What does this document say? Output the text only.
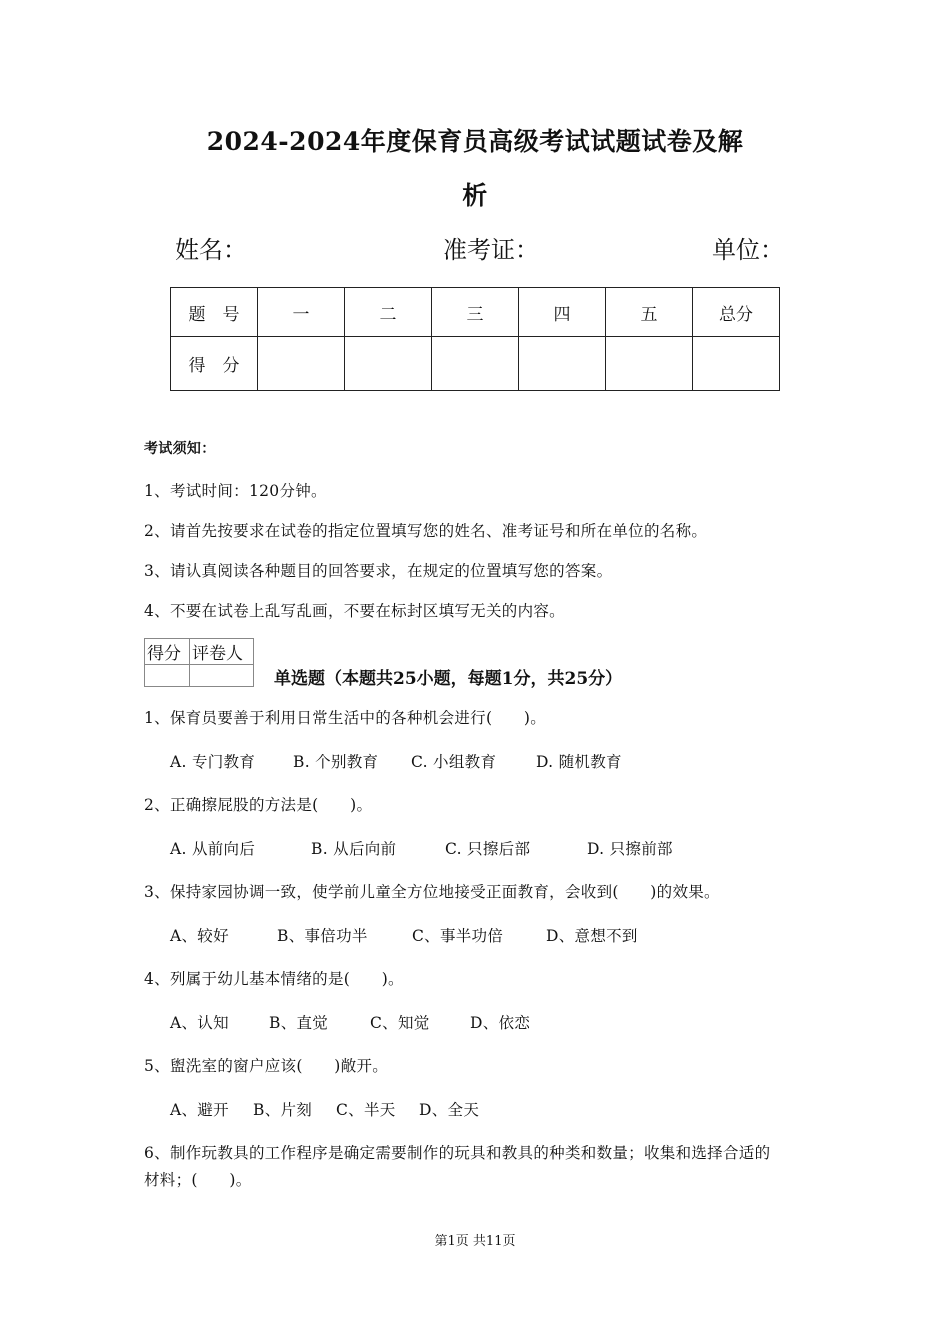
2024-2024年度保育员高级考试试题试卷及解
析
姓名：	准考证：	单位：
题　号	一	二	三	四	五	总分
得　分						
考试须知：
1、考试时间：120分钟。
2、请首先按要求在试卷的指定位置填写您的姓名、准考证号和所在单位的名称。
3、请认真阅读各种题目的回答要求，在规定的位置填写您的答案。
4、不要在试卷上乱写乱画，不要在标封区填写无关的内容。
得分	评卷人

单选题（本题共25小题，每题1分，共25分）
1、保育员要善于利用日常生活中的各种机会进行(　　)。
A. 专门教育 B. 个别教育 C. 小组教育	D. 随机教育
2、正确擦屁股的方法是(　　)。
A. 从前向后	B. 从后向前	C. 只擦后部	D. 只擦前部
3、保持家园协调一致，使学前儿童全方位地接受正面教育，会收到(　　)的效果。
A、较好	B、事倍功半	C、事半功倍	D、意想不到
4、列属于幼儿基本情绪的是(　　)。
A、认知	B、直觉	C、知觉	D、依恋
5、盥洗室的窗户应该(　　)敞开。
A、避开 B、片刻 C、半天 D、全天
6、制作玩教具的工作程序是确定需要制作的玩具和教具的种类和数量；收集和选择合适的
材料；(　　)。
第1页 共11页
